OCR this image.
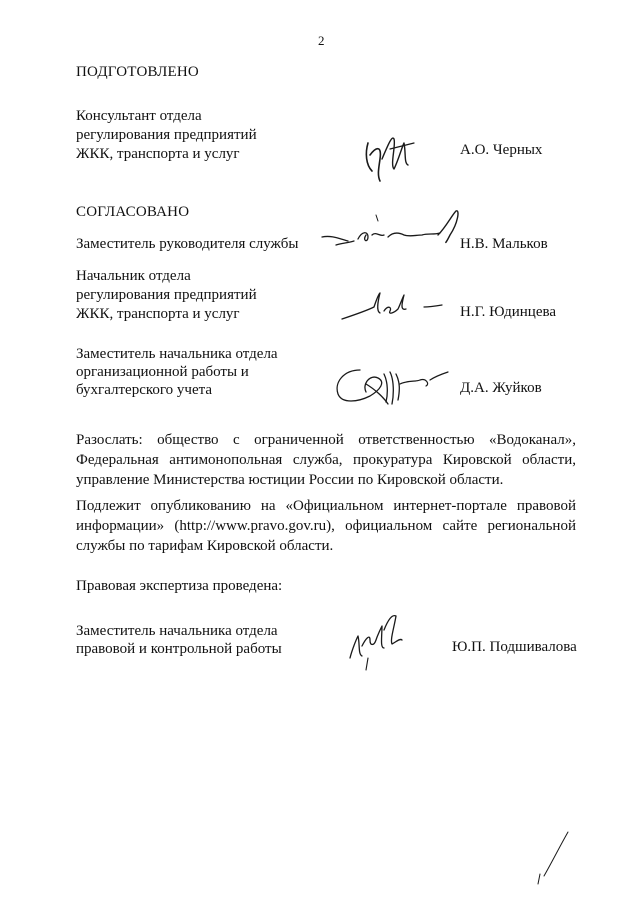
2
ПОДГОТОВЛЕНО
Консультант отдела
регулирования предприятий
ЖКК, транспорта и услуг	А.О. Черных
СОГЛАСОВАНО
Заместитель руководителя службы	Н.В. Мальков
Начальник отдела
регулирования предприятий
ЖКК, транспорта и услуг	Н.Г. Юдинцева
Заместитель начальника отдела
организационной работы и
бухгалтерского учета	Д.А. Жуйков

Разослать: общество с ограниченной ответственностью «Водоканал», Федеральная антимонопольная служба, прокуратура Кировской области, управление Министерства юстиции России по Кировской области.

Подлежит опубликованию на «Официальном интернет-портале правовой информации» (http://www.pravo.gov.ru), официальном сайте региональной службы по тарифам Кировской области.

Правовая экспертиза проведена:
Заместитель начальника отдела
правовой и контрольной работы	Ю.П. Подшивалова
